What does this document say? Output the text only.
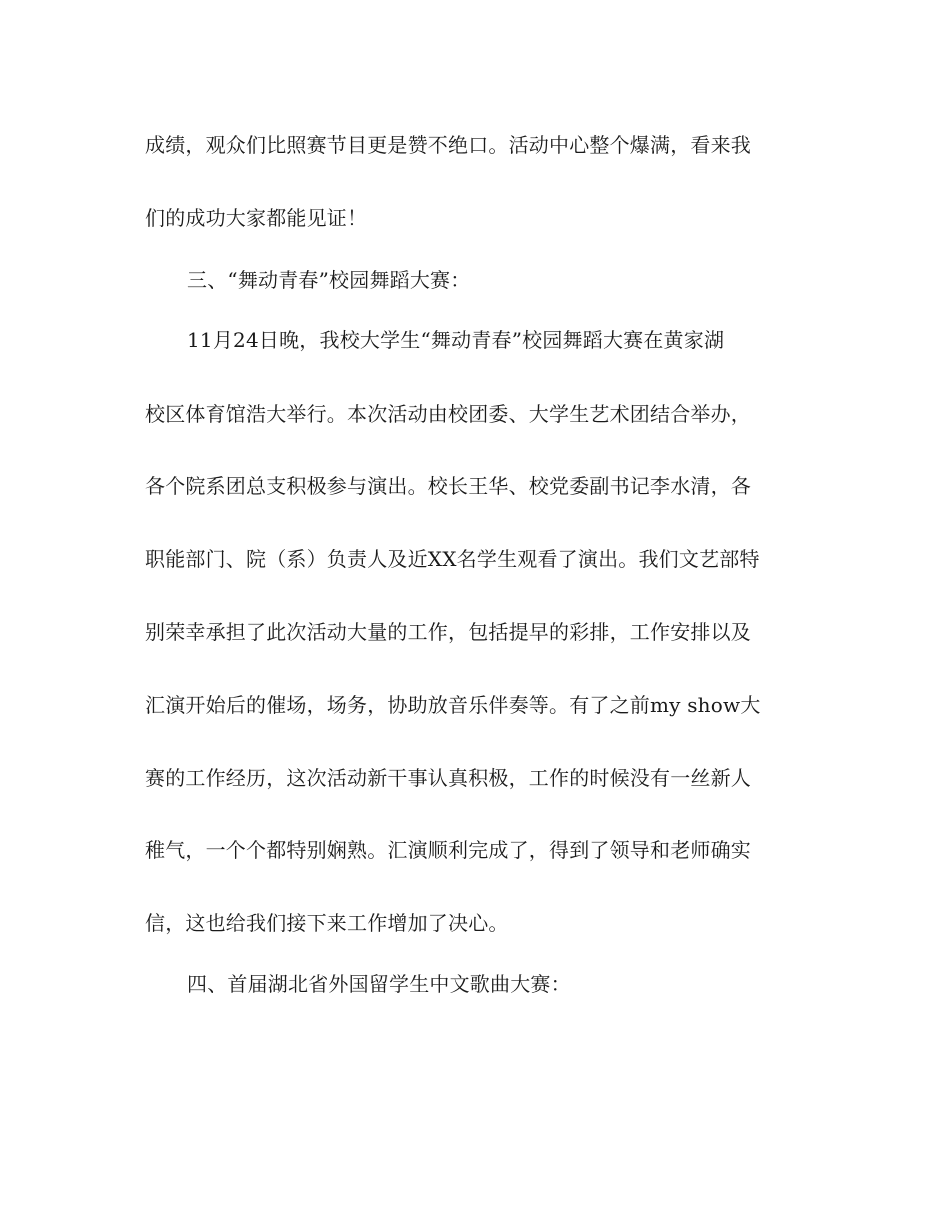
成绩，观众们比照赛节目更是赞不绝口。活动中心整个爆满，看来我

们的成功大家都能见证！

三、“舞动青春”校园舞蹈大赛：

11月24日晚，我校大学生“舞动青春”校园舞蹈大赛在黄家湖

校区体育馆浩大举行。本次活动由校团委、大学生艺术团结合举办，

各个院系团总支积极参与演出。校长王华、校党委副书记李水清，各

职能部门、院（系）负责人及近XX名学生观看了演出。我们文艺部特

别荣幸承担了此次活动大量的工作，包括提早的彩排，工作安排以及

汇演开始后的催场，场务，协助放音乐伴奏等。有了之前my show大

赛的工作经历，这次活动新干事认真积极，工作的时候没有一丝新人

稚气，一个个都特别娴熟。汇演顺利完成了，得到了领导和老师确实

信，这也给我们接下来工作增加了决心。

四、首届湖北省外国留学生中文歌曲大赛：
